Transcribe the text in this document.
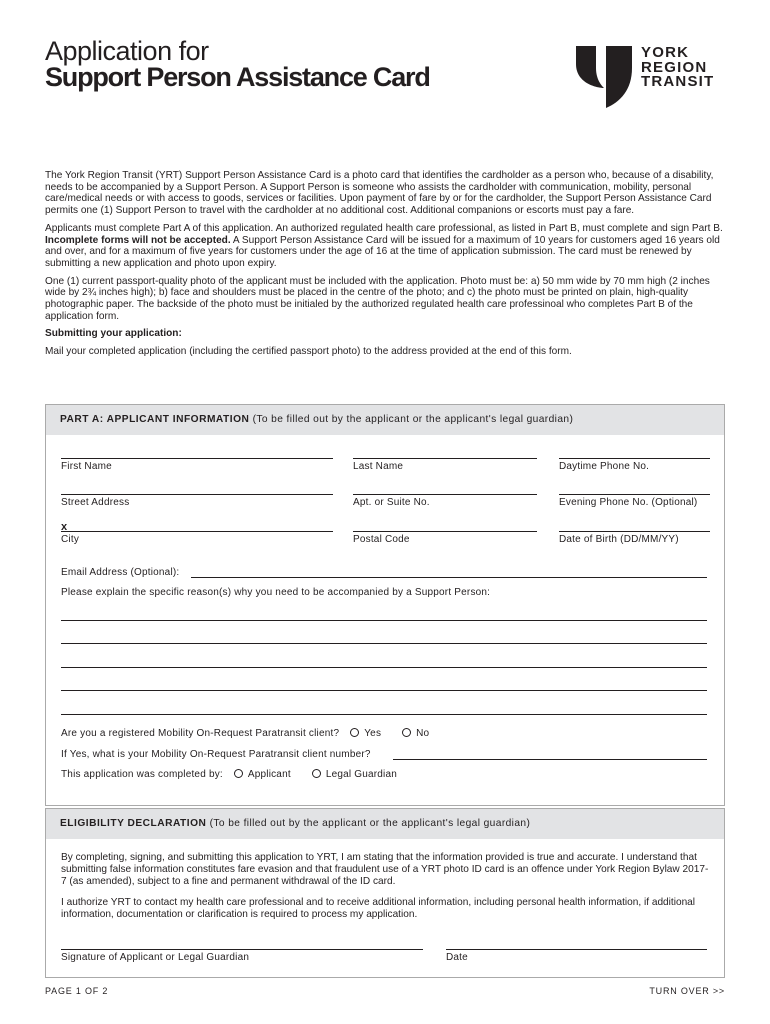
Application for
Support Person Assistance Card
YORK
REGION
TRANSIT

The York Region Transit (YRT) Support Person Assistance Card is a photo card that identifies the cardholder as a person who, because of a disability, needs to be accompanied by a Support Person. A Support Person is someone who assists the cardholder with communication, mobility, personal care/medical needs or with access to goods, services or facilities. Upon payment of fare by or for the cardholder, the Support Person Assistance Card permits one (1) Support Person to travel with the cardholder at no additional cost. Additional companions or escorts must pay a fare.

Applicants must complete Part A of this application. An authorized regulated health care professional, as listed in Part B, must complete and sign Part B. Incomplete forms will not be accepted. A Support Person Assistance Card will be issued for a maximum of 10 years for customers aged 16 years old and over, and for a maximum of five years for customers under the age of 16 at the time of application submission. The card must be renewed by submitting a new application and photo upon expiry.

One (1) current passport-quality photo of the applicant must be included with the application. Photo must be: a) 50 mm wide by 70 mm high (2 inches wide by 2¾ inches high); b) face and shoulders must be placed in the centre of the photo; and c) the photo must be printed on plain, high-quality photographic paper. The backside of the photo must be initialed by the authorized regulated health care professinoal who completes Part B of the application form.

Submitting your application:

Mail your completed application (including the certified passport photo) to the address provided at the end of this form.

PART A: APPLICANT INFORMATION (To be filled out by the applicant or the applicant's legal guardian)
First Name	Last Name	Daytime Phone No.
Street Address	Apt. or Suite No.	Evening Phone No. (Optional)
x
City	Postal Code	Date of Birth (DD/MM/YY)
Email Address (Optional):
Please explain the specific reason(s) why you need to be accompanied by a Support Person:
Are you a registered Mobility On-Request Paratransit client? Yes	No
If Yes, what is your Mobility On-Request Paratransit client number?
This application was completed by: Applicant	Legal Guardian
ELIGIBILITY DECLARATION (To be filled out by the applicant or the applicant's legal guardian)
By completing, signing, and submitting this application to YRT, I am stating that the information provided is true and accurate. I understand that submitting false information constitutes fare evasion and that fraudulent use of a YRT photo ID card is an offence under York Region Bylaw 2017-7 (as amended), subject to a fine and permanent withdrawal of the ID card.
I authorize YRT to contact my health care professional and to receive additional information, including personal health information, if additional information, documentation or clarification is required to process my application.
Signature of Applicant or Legal Guardian	Date
PAGE 1 OF 2	TURN OVER >>
